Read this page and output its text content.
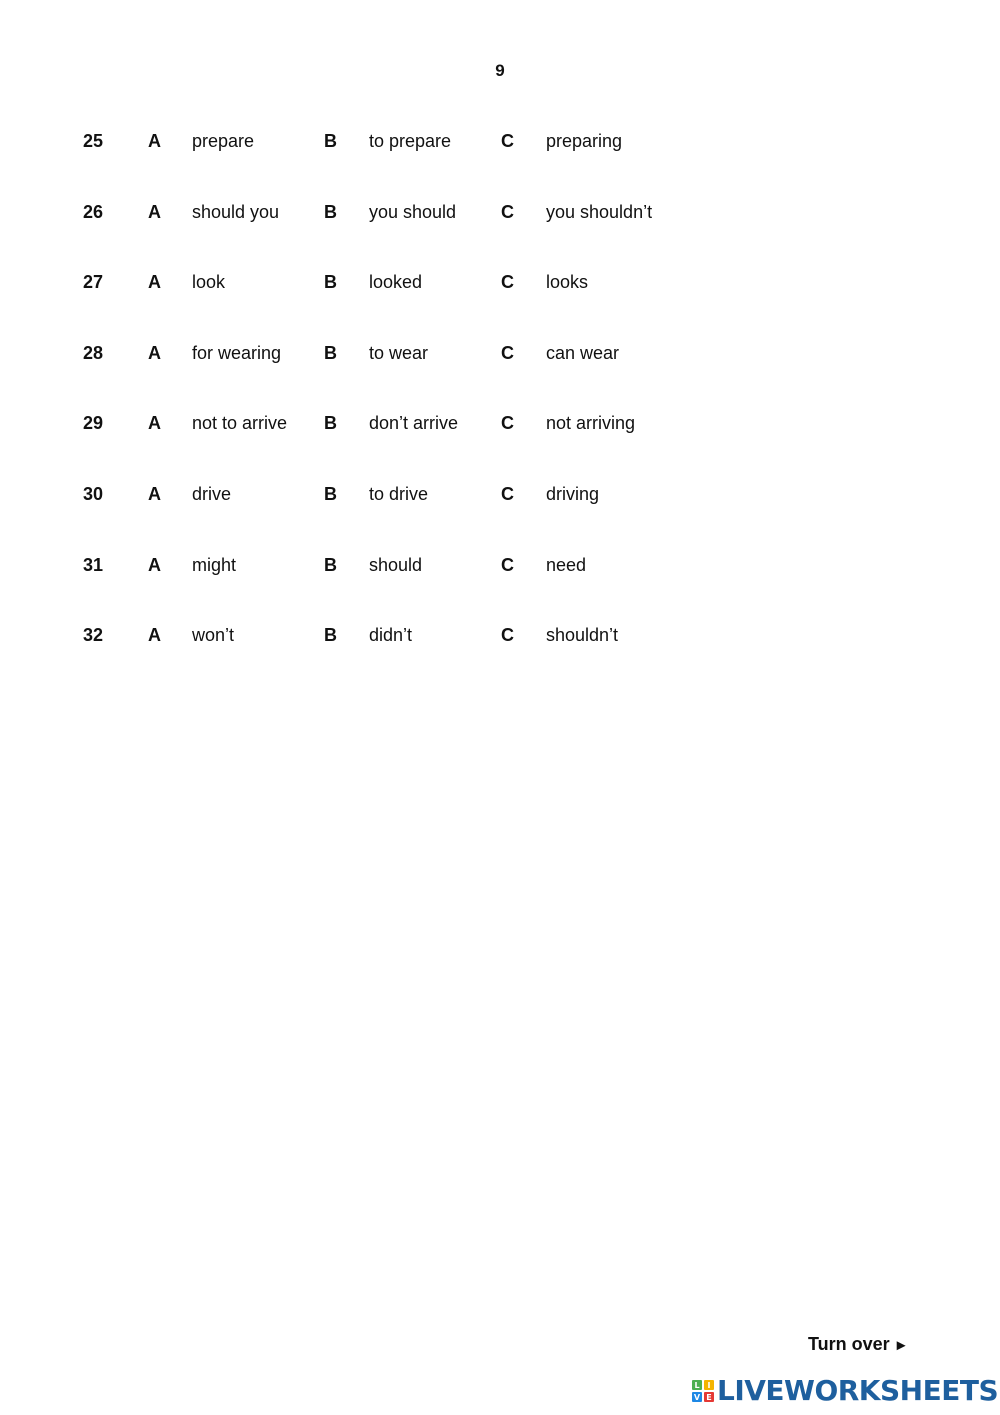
9
25 A prepare	B to prepare	C preparing
26 A should you B you should C you shouldn’t
27 A look	B looked	C looks
28 A for wearing B to wear	C can wear
29 A not to arrive B don’t arrive C not arriving
30 A drive	B to drive	C driving
31 A might	B should	C need
32 A won’t	B didn’t	C shouldn’t
Turn over ►
L I
V E LIVEWORKSHEETS
